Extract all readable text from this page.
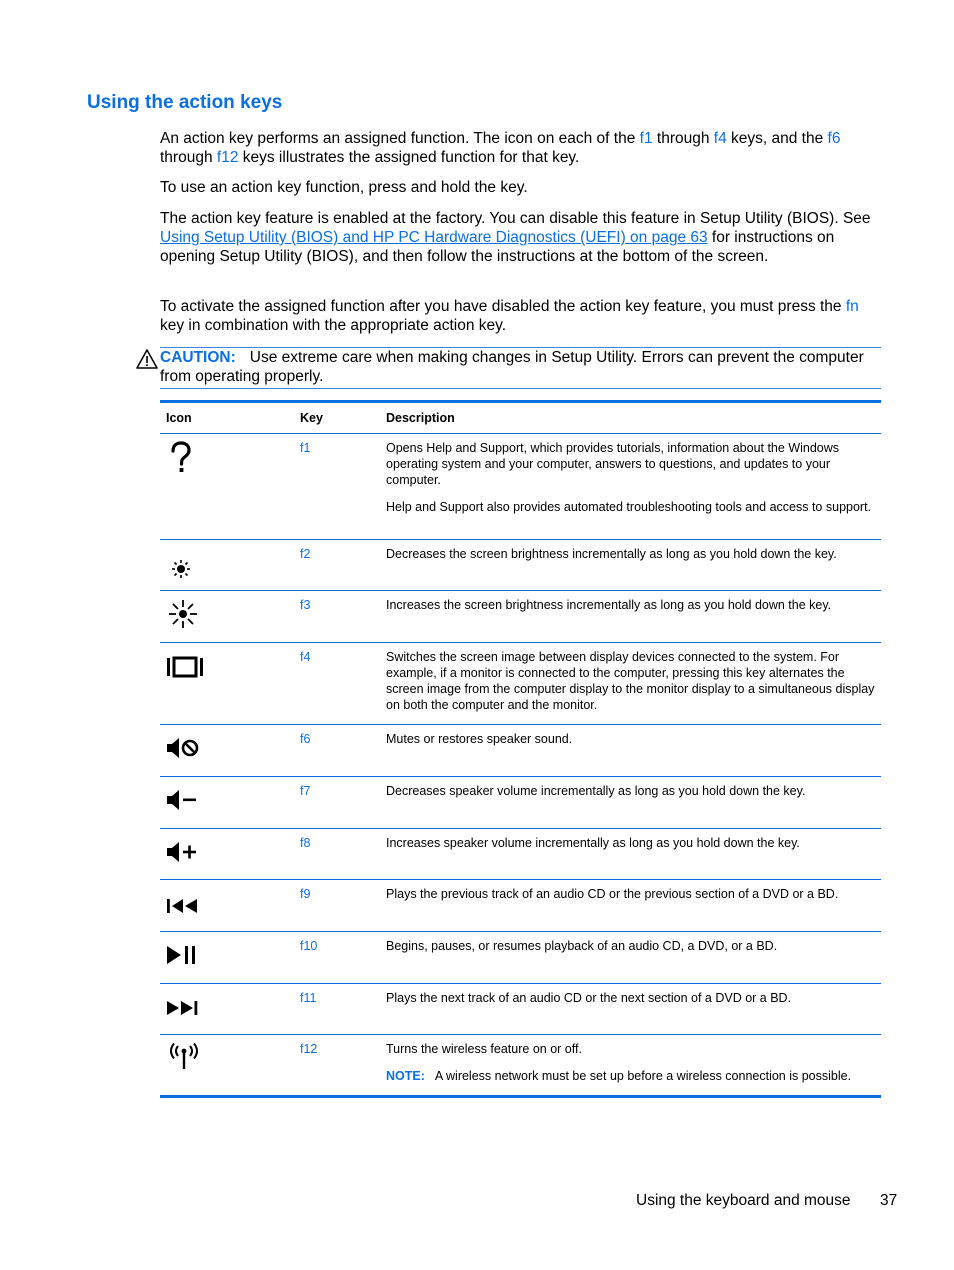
Using the action keys

An action key performs an assigned function. The icon on each of the f1 through f4 keys, and the f6 through f12 keys illustrates the assigned function for that key.

To use an action key function, press and hold the key.

The action key feature is enabled at the factory. You can disable this feature in Setup Utility (BIOS). See Using Setup Utility (BIOS) and HP PC Hardware Diagnostics (UEFI) on page 63 for instructions on opening Setup Utility (BIOS), and then follow the instructions at the bottom of the screen.

To activate the assigned function after you have disabled the action key feature, you must press the fn key in combination with the appropriate action key.

CAUTION: Use extreme care when making changes in Setup Utility. Errors can prevent the computer from operating properly.
Icon	Key	Description

	f1	Opens Help and Support, which provides tutorials, information about the Windows operating system and your computer, answers to questions, and updates to your computer.

Help and Support also provides automated troubleshooting tools and access to support.

	f2	Decreases the screen brightness incrementally as long as you hold down the key.

	f3	Increases the screen brightness incrementally as long as you hold down the key.

	f4	Switches the screen image between display devices connected to the system. For example, if a monitor is connected to the computer, pressing this key alternates the screen image from the computer display to the monitor display to a simultaneous display on both the computer and the monitor.

	f6	Mutes or restores speaker sound.

	f7	Decreases speaker volume incrementally as long as you hold down the key.

	f8	Increases speaker volume incrementally as long as you hold down the key.

	f9	Plays the previous track of an audio CD or the previous section of a DVD or a BD.

	f10	Begins, pauses, or resumes playback of an audio CD, a DVD, or a BD.

	f11	Plays the next track of an audio CD or the next section of a DVD or a BD.

	f12	Turns the wireless feature on or off.

NOTE: A wireless network must be set up before a wireless connection is possible.

Using the keyboard and mouse 37
